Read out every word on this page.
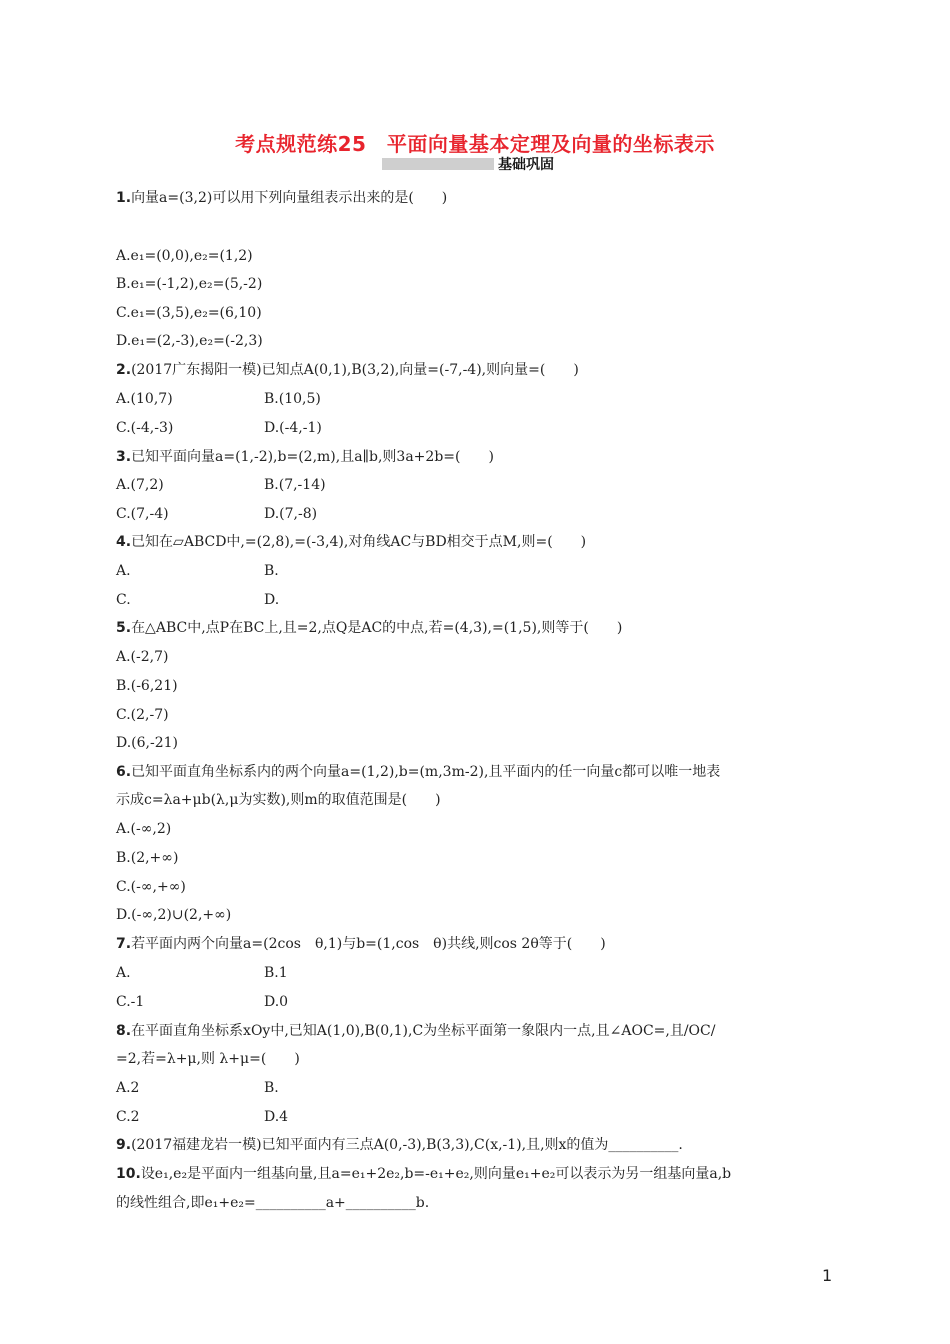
考点规范练25　平面向量基本定理及向量的坐标表示
基础巩固
1.向量a=(3,2)可以用下列向量组表示出来的是(　　)
A.e₁=(0,0),e₂=(1,2)
B.e₁=(-1,2),e₂=(5,-2)
C.e₁=(3,5),e₂=(6,10)
D.e₁=(2,-3),e₂=(-2,3)
2.(2017广东揭阳一模)已知点A(0,1),B(3,2),向量=(-7,-4),则向量=(　　)
A.(10,7)	B.(10,5)
C.(-4,-3)	D.(-4,-1)
3.已知平面向量a=(1,-2),b=(2,m),且a∥b,则3a+2b=(　　)
A.(7,2)	B.(7,-14)
C.(7,-4)	D.(7,-8)
4.已知在▱ABCD中,=(2,8),=(-3,4),对角线AC与BD相交于点M,则=(　　)
A.	B.
C.	D.
5.在△ABC中,点P在BC上,且=2,点Q是AC的中点,若=(4,3),=(1,5),则等于(　　)
A.(-2,7)
B.(-6,21)
C.(2,-7)
D.(6,-21)
6.已知平面直角坐标系内的两个向量a=(1,2),b=(m,3m-2),且平面内的任一向量c都可以唯一地表
示成c=λa+μb(λ,μ为实数),则m的取值范围是(　　)
A.(-∞,2)
B.(2,+∞)
C.(-∞,+∞)
D.(-∞,2)∪(2,+∞)
7.若平面内两个向量a=(2cos　θ,1)与b=(1,cos　θ)共线,则cos 2θ等于(　　)
A.	B.1
C.-1	D.0
8.在平面直角坐标系xOy中,已知A(1,0),B(0,1),C为坐标平面第一象限内一点,且∠AOC=,且/OC/
=2,若=λ+μ,则 λ+μ=(　　)
A.2	B.
C.2	D.4
9.(2017福建龙岩一模)已知平面内有三点A(0,-3),B(3,3),C(x,-1),且,则x的值为__________.
10.设e₁,e₂是平面内一组基向量,且a=e₁+2e₂,b=-e₁+e₂,则向量e₁+e₂可以表示为另一组基向量a,b
的线性组合,即e₁+e₂=__________a+__________b.
1
